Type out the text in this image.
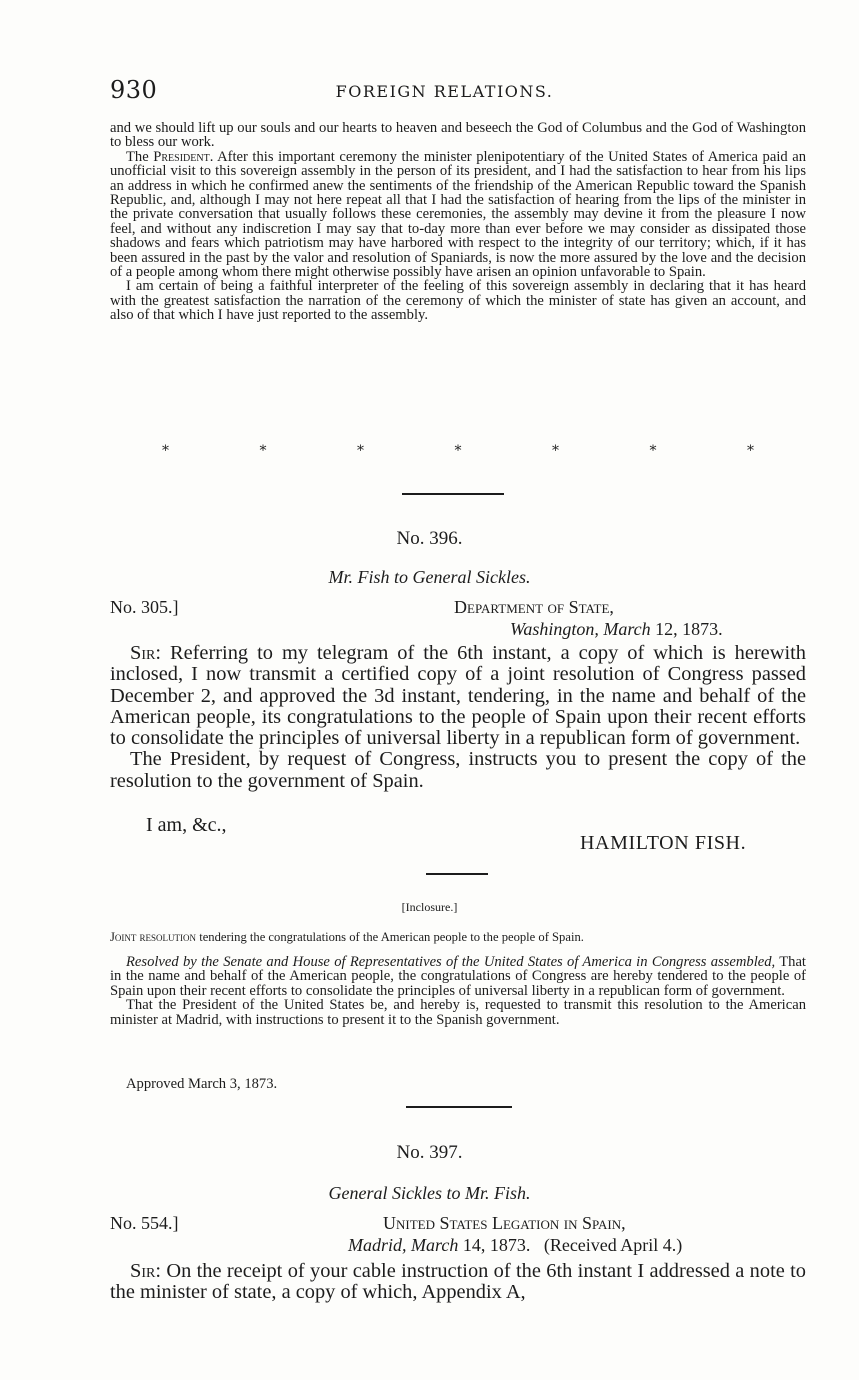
930	FOREIGN RELATIONS.

and we should lift up our souls and our hearts to heaven and beseech the God of Columbus and the God of Washington to bless our work.

The President. After this important ceremony the minister plenipotentiary of the United States of America paid an unofficial visit to this sovereign assembly in the person of its president, and I had the satisfaction to hear from his lips an address in which he confirmed anew the sentiments of the friendship of the American Republic toward the Spanish Republic, and, although I may not here repeat all that I had the satisfaction of hearing from the lips of the minister in the private conversation that usually follows these ceremonies, the assembly may devine it from the pleasure I now feel, and without any indiscretion I may say that to-day more than ever before we may consider as dissipated those shadows and fears which patriotism may have harbored with respect to the integrity of our territory; which, if it has been assured in the past by the valor and resolution of Spaniards, is now the more assured by the love and the decision of a people among whom there might otherwise possibly have arisen an opinion unfavorable to Spain.

I am certain of being a faithful interpreter of the feeling of this sovereign assembly in declaring that it has heard with the greatest satisfaction the narration of the ceremony of which the minister of state has given an account, and also of that which I have just reported to the assembly.

*	*	*	*	*	*	*
No. 396.
Mr. Fish to General Sickles.
No. 305.]	Department of State,
Washington, March 12, 1873.

Sir: Referring to my telegram of the 6th instant, a copy of which is herewith inclosed, I now transmit a certified copy of a joint resolution of Congress passed December 2, and approved the 3d instant, tendering, in the name and behalf of the American people, its congratulations to the people of Spain upon their recent efforts to consolidate the principles of universal liberty in a republican form of government.

The President, by request of Congress, instructs you to present the copy of the resolution to the government of Spain.

I am, &c.,
HAMILTON FISH.
[Inclosure.]
Joint resolution tendering the congratulations of the American people to the people of Spain.

Resolved by the Senate and House of Representatives of the United States of America in Congress assembled, That in the name and behalf of the American people, the congratulations of Congress are hereby tendered to the people of Spain upon their recent efforts to consolidate the principles of universal liberty in a republican form of government.

That the President of the United States be, and hereby is, requested to transmit this resolution to the American minister at Madrid, with instructions to present it to the Spanish government.

Approved March 3, 1873.
No. 397.
General Sickles to Mr. Fish.
No. 554.]	United States Legation in Spain,
Madrid, March 14, 1873.   (Received April 4.)

Sir: On the receipt of your cable instruction of the 6th instant I addressed a note to the minister of state, a copy of which, Appendix A,
